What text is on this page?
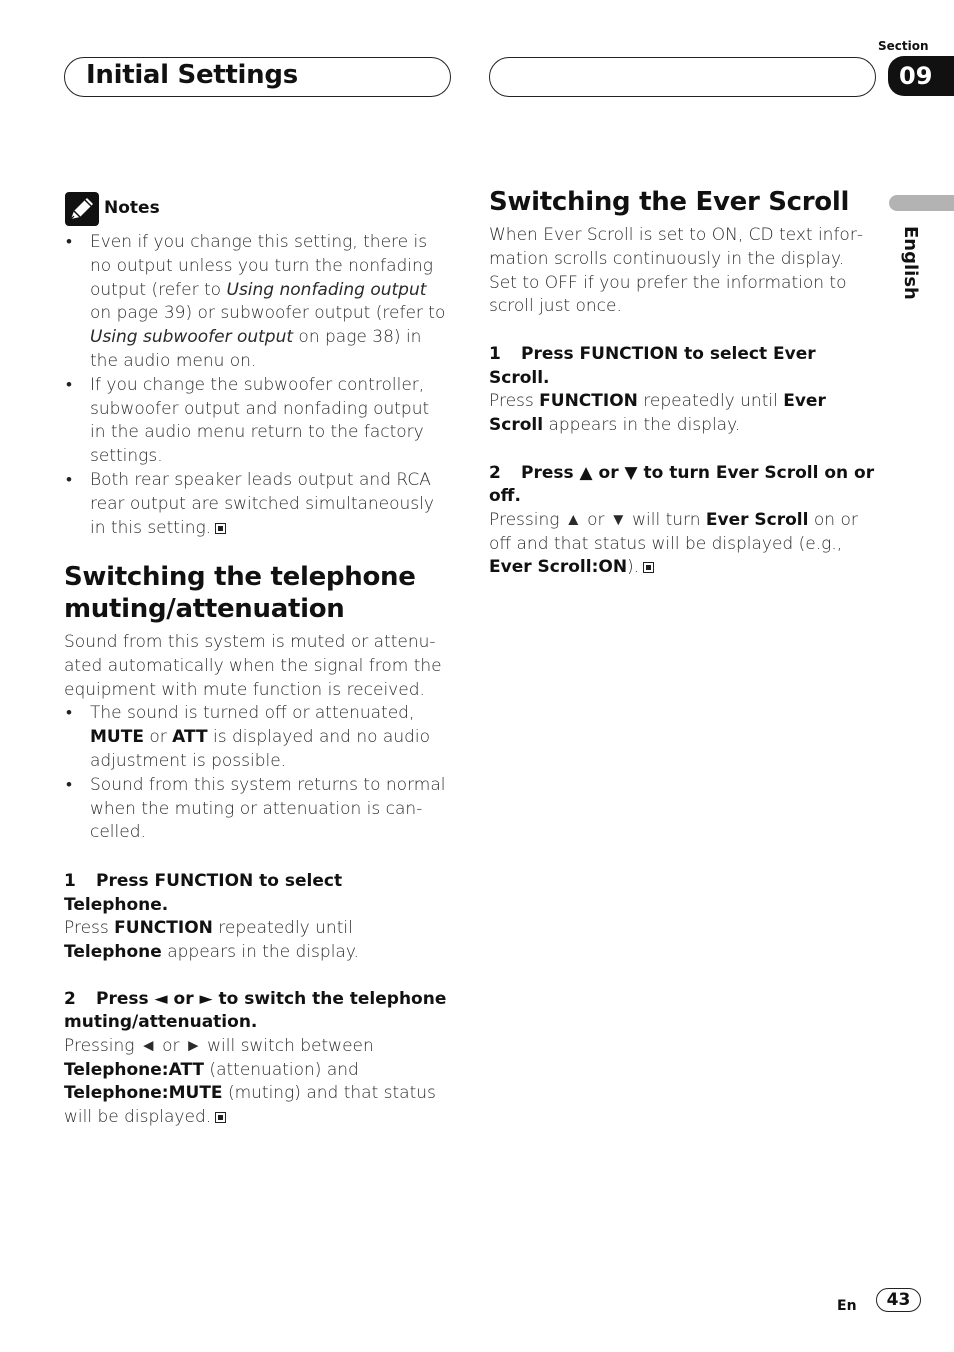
Initial Settings
Section
09
English
Notes
• Even if you change this setting, there is no output unless you turn the nonfading output (refer to Using nonfading output on page 39) or subwoofer output (refer to Using subwoofer output on page 38) in the audio menu on.
• If you change the subwoofer controller, subwoofer output and nonfading output in the audio menu return to the factory settings.
• Both rear speaker leads output and RCA rear output are switched simultaneously in this setting.
Switching the telephone muting/attenuation

Sound from this system is muted or attenuated automatically when the signal from the equipment with mute function is received.

• The sound is turned off or attenuated, MUTE or ATT is displayed and no audio adjustment is possible.
• Sound from this system returns to normal when the muting or attenuation is cancelled.

1 Press FUNCTION to select Telephone.

Press FUNCTION repeatedly until Telephone appears in the display.

2 Press ◄ or ► to switch the telephone muting/attenuation.

Pressing ◄ or ► will switch between Telephone:ATT (attenuation) and Telephone:MUTE (muting) and that status will be displayed.

Switching the Ever Scroll

When Ever Scroll is set to ON, CD text information scrolls continuously in the display. Set to OFF if you prefer the information to scroll just once.

1 Press FUNCTION to select Ever Scroll.

Press FUNCTION repeatedly until Ever Scroll appears in the display.

2 Press ▲ or ▼ to turn Ever Scroll on or off.

Pressing ▲ or ▼ will turn Ever Scroll on or off and that status will be displayed (e.g., Ever Scroll:ON).

En	43
